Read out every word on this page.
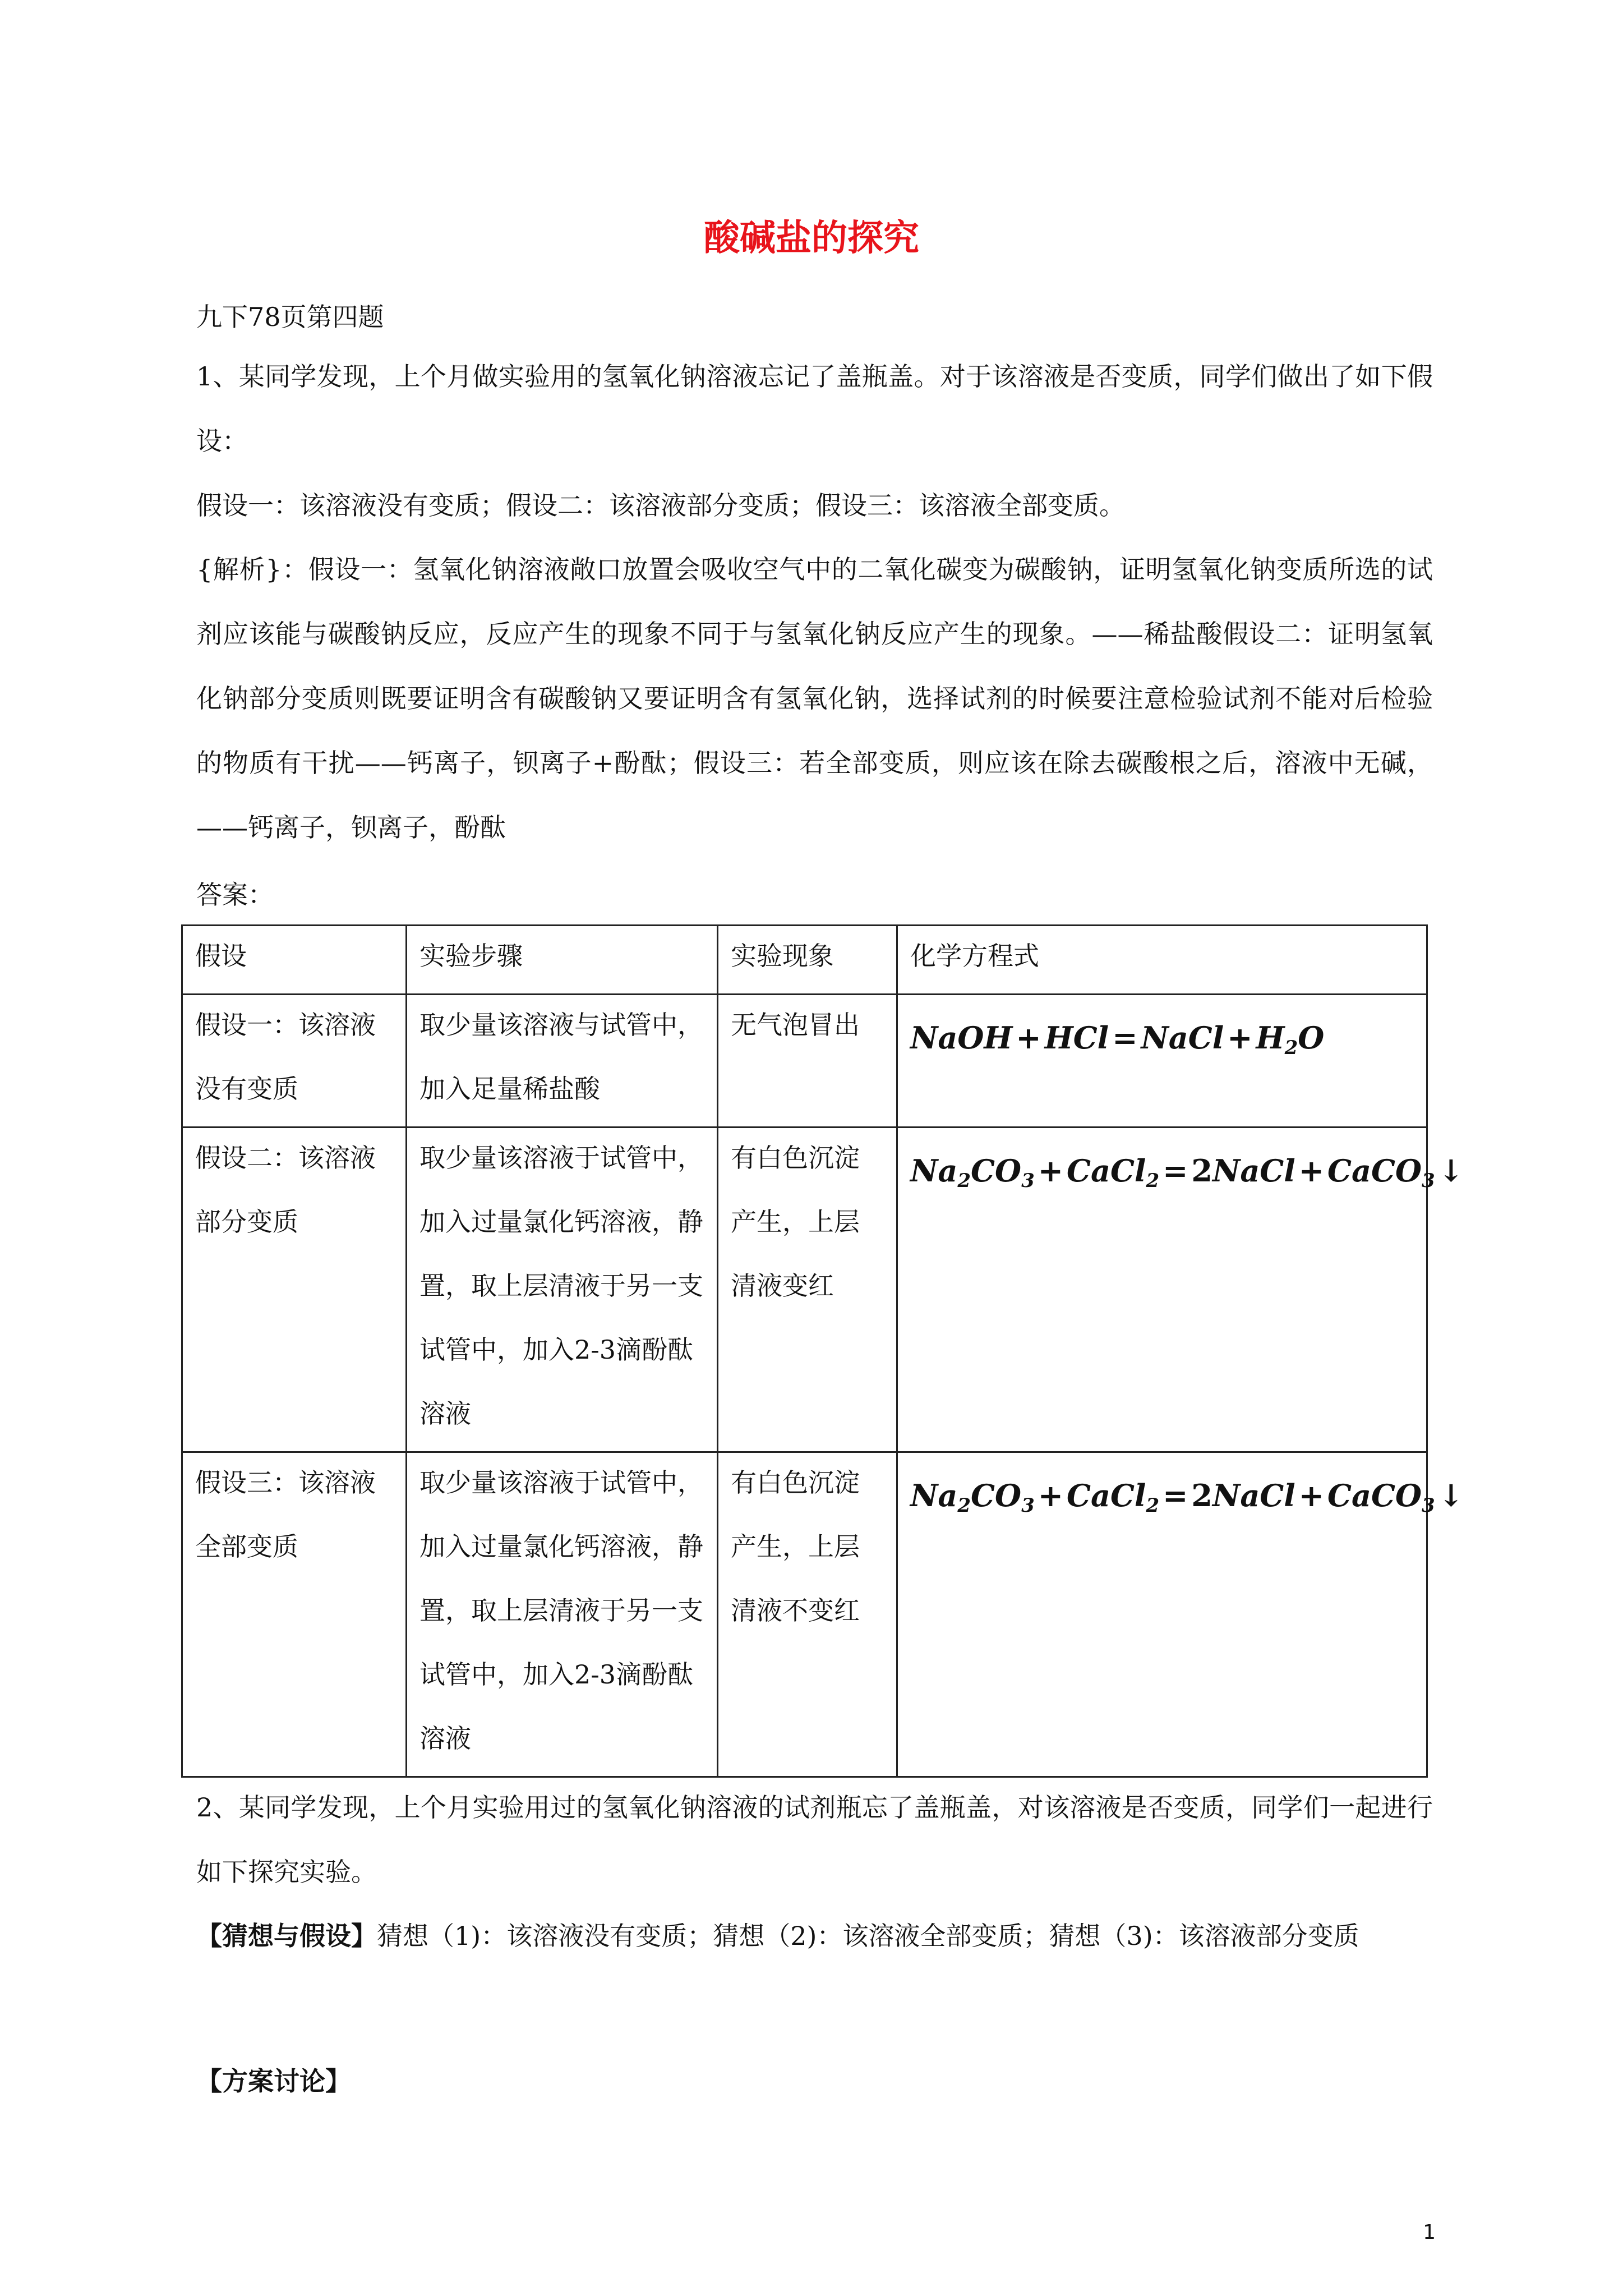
酸碱盐的探究
九下78页第四题
1、某同学发现，上个月做实验用的氢氧化钠溶液忘记了盖瓶盖。对于该溶液是否变质，同学们做出了如下假设：
假设一：该溶液没有变质；假设二：该溶液部分变质；假设三：该溶液全部变质。
{解析}：假设一：氢氧化钠溶液敞口放置会吸收空气中的二氧化碳变为碳酸钠，证明氢氧化钠变质所选的试剂应该能与碳酸钠反应，反应产生的现象不同于与氢氧化钠反应产生的现象。——稀盐酸假设二：证明氢氧化钠部分变质则既要证明含有碳酸钠又要证明含有氢氧化钠，选择试剂的时候要注意检验试剂不能对后检验的物质有干扰——钙离子，钡离子+酚酞；假设三：若全部变质，则应该在除去碳酸根之后，溶液中无碱，——钙离子，钡离子，酚酞
答案：
假设	实验步骤	实验现象	化学方程式

假设一：该溶液没有变质	取少量该溶液与试管中，加入足量稀盐酸	无气泡冒出	NaOH + HCl = NaCl + $H_2O$

假设二：该溶液部分变质	取少量该溶液于试管中，加入过量氯化钙溶液，静置，取上层清液于另一支试管中，加入2-3滴酚酞溶液	有白色沉淀产生，上层清液变红	$Na_2CO_3$ + CaCl$_2$ = 2NaCl + CaCO$_3$ ↓

假设三：该溶液全部变质	取少量该溶液于试管中，加入过量氯化钙溶液，静置，取上层清液于另一支试管中，加入2-3滴酚酞溶液	有白色沉淀产生，上层清液不变红	$Na_2CO_3$ + CaCl$_2$ = 2NaCl + CaCO$_3$ ↓
2、某同学发现，上个月实验用过的氢氧化钠溶液的试剂瓶忘了盖瓶盖，对该溶液是否变质，同学们一起进行如下探究实验。
【猜想与假设】猜想（1)：该溶液没有变质；猜想（2)：该溶液全部变质；猜想（3)：该溶液部分变质
【方案讨论】
1
